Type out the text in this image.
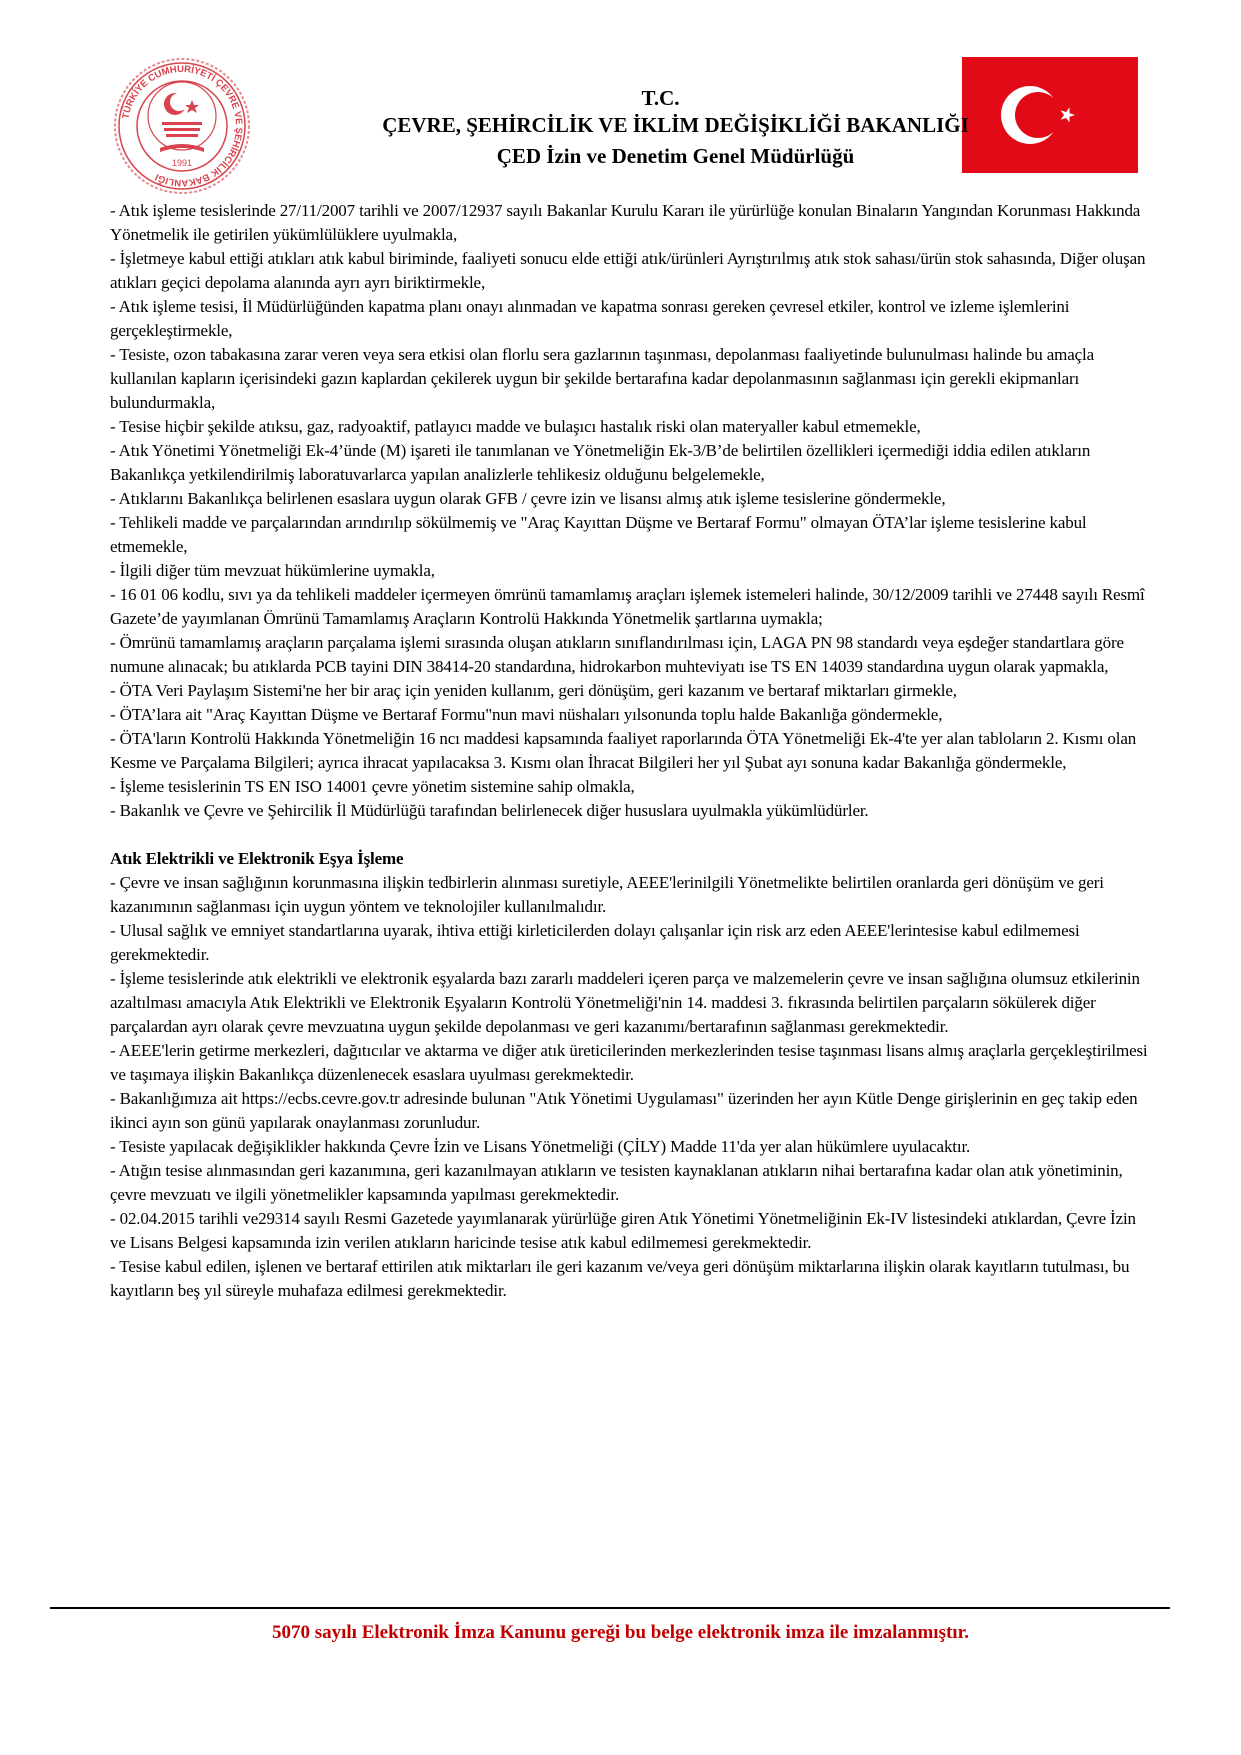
TÜRKİYE CUMHURİYETİ ÇEVRE VE ŞEHİRCİLİK BAKANLIĞI
1991
T.C.
ÇEVRE, ŞEHİRCİLİK VE İKLİM DEĞİŞİKLİĞİ BAKANLIĞI
ÇED İzin ve Denetim Genel Müdürlüğü

- Atık işleme tesislerinde 27/11/2007 tarihli ve 2007/12937 sayılı Bakanlar Kurulu Kararı ile yürürlüğe konulan Binaların Yangından Korunması Hakkında Yönetmelik ile getirilen yükümlülüklere uyulmakla,

- İşletmeye kabul ettiği atıkları atık kabul biriminde, faaliyeti sonucu elde ettiği atık/ürünleri Ayrıştırılmış atık stok sahası/ürün stok sahasında, Diğer oluşan atıkları geçici depolama alanında ayrı ayrı biriktirmekle,

- Atık işleme tesisi, İl Müdürlüğünden kapatma planı onayı alınmadan ve kapatma sonrası gereken çevresel etkiler, kontrol ve izleme işlemlerini gerçekleştirmekle,

- Tesiste, ozon tabakasına zarar veren veya sera etkisi olan florlu sera gazlarının taşınması, depolanması faaliyetinde bulunulması halinde bu amaçla kullanılan kapların içerisindeki gazın kaplardan çekilerek uygun bir şekilde bertarafına kadar depolanmasının sağlanması için gerekli ekipmanları bulundurmakla,

- Tesise hiçbir şekilde atıksu, gaz, radyoaktif, patlayıcı madde ve bulaşıcı hastalık riski olan materyaller kabul etmemekle,

- Atık Yönetimi Yönetmeliği Ek-4’ünde (M) işareti ile tanımlanan ve Yönetmeliğin Ek-3/B’de belirtilen özellikleri içermediği iddia edilen atıkların Bakanlıkça yetkilendirilmiş laboratuvarlarca yapılan analizlerle tehlikesiz olduğunu belgelemekle,

- Atıklarını Bakanlıkça belirlenen esaslara uygun olarak GFB / çevre izin ve lisansı almış atık işleme tesislerine göndermekle,

- Tehlikeli madde ve parçalarından arındırılıp sökülmemiş ve "Araç Kayıttan Düşme ve Bertaraf Formu" olmayan ÖTA’lar işleme tesislerine kabul etmemekle,

- İlgili diğer tüm mevzuat hükümlerine uymakla,

- 16 01 06 kodlu, sıvı ya da tehlikeli maddeler içermeyen ömrünü tamamlamış araçları işlemek istemeleri halinde, 30/12/2009 tarihli ve 27448 sayılı Resmî Gazete’de yayımlanan Ömrünü Tamamlamış Araçların Kontrolü Hakkında Yönetmelik şartlarına uymakla;

- Ömrünü tamamlamış araçların parçalama işlemi sırasında oluşan atıkların sınıflandırılması için, LAGA PN 98 standardı veya eşdeğer standartlara göre numune alınacak; bu atıklarda PCB tayini DIN 38414-20 standardına, hidrokarbon muhteviyatı ise TS EN 14039 standardına uygun olarak yapmakla,

- ÖTA Veri Paylaşım Sistemi'ne her bir araç için yeniden kullanım, geri dönüşüm, geri kazanım ve bertaraf miktarları girmekle,

- ÖTA’lara ait "Araç Kayıttan Düşme ve Bertaraf Formu"nun mavi nüshaları yılsonunda toplu halde Bakanlığa göndermekle,

- ÖTA'ların Kontrolü Hakkında Yönetmeliğin 16 ncı maddesi kapsamında faaliyet raporlarında ÖTA Yönetmeliği Ek-4'te yer alan tabloların 2. Kısmı olan Kesme ve Parçalama Bilgileri; ayrıca ihracat yapılacaksa 3. Kısmı olan İhracat Bilgileri her yıl Şubat ayı sonuna kadar Bakanlığa göndermekle,

- İşleme tesislerinin TS EN ISO 14001 çevre yönetim sistemine sahip olmakla,

- Bakanlık ve Çevre ve Şehircilik İl Müdürlüğü tarafından belirlenecek diğer hususlara uyulmakla yükümlüdürler.

Atık Elektrikli ve Elektronik Eşya İşleme

- Çevre ve insan sağlığının korunmasına ilişkin tedbirlerin alınması suretiyle, AEEE'lerinilgili Yönetmelikte belirtilen oranlarda geri dönüşüm ve geri kazanımının sağlanması için uygun yöntem ve teknolojiler kullanılmalıdır.

- Ulusal sağlık ve emniyet standartlarına uyarak, ihtiva ettiği kirleticilerden dolayı çalışanlar için risk arz eden AEEE'lerintesise kabul edilmemesi gerekmektedir.

- İşleme tesislerinde atık elektrikli ve elektronik eşyalarda bazı zararlı maddeleri içeren parça ve malzemelerin çevre ve insan sağlığına olumsuz etkilerinin azaltılması amacıyla Atık Elektrikli ve Elektronik Eşyaların Kontrolü Yönetmeliği'nin 14. maddesi 3. fıkrasında belirtilen parçaların sökülerek diğer parçalardan ayrı olarak çevre mevzuatına uygun şekilde depolanması ve geri kazanımı/bertarafının sağlanması gerekmektedir.

- AEEE'lerin getirme merkezleri, dağıtıcılar ve aktarma ve diğer atık üreticilerinden merkezlerinden tesise taşınması lisans almış araçlarla gerçekleştirilmesi ve taşımaya ilişkin Bakanlıkça düzenlenecek esaslara uyulması gerekmektedir.

- Bakanlığımıza ait https://ecbs.cevre.gov.tr adresinde bulunan "Atık Yönetimi Uygulaması" üzerinden her ayın Kütle Denge girişlerinin en geç takip eden ikinci ayın son günü yapılarak onaylanması zorunludur.

- Tesiste yapılacak değişiklikler hakkında Çevre İzin ve Lisans Yönetmeliği (ÇİLY) Madde 11'da yer alan hükümlere uyulacaktır.

- Atığın tesise alınmasından geri kazanımına, geri kazanılmayan atıkların ve tesisten kaynaklanan atıkların nihai bertarafına kadar olan atık yönetiminin, çevre mevzuatı ve ilgili yönetmelikler kapsamında yapılması gerekmektedir.

- 02.04.2015 tarihli ve29314 sayılı Resmi Gazetede yayımlanarak yürürlüğe giren Atık Yönetimi Yönetmeliğinin Ek-IV listesindeki atıklardan, Çevre İzin ve Lisans Belgesi kapsamında izin verilen atıkların haricinde tesise atık kabul edilmemesi gerekmektedir.

- Tesise kabul edilen, işlenen ve bertaraf ettirilen atık miktarları ile geri kazanım ve/veya geri dönüşüm miktarlarına ilişkin olarak kayıtların tutulması, bu kayıtların beş yıl süreyle muhafaza edilmesi gerekmektedir.

5070 sayılı Elektronik İmza Kanunu gereği bu belge elektronik imza ile imzalanmıştır.
